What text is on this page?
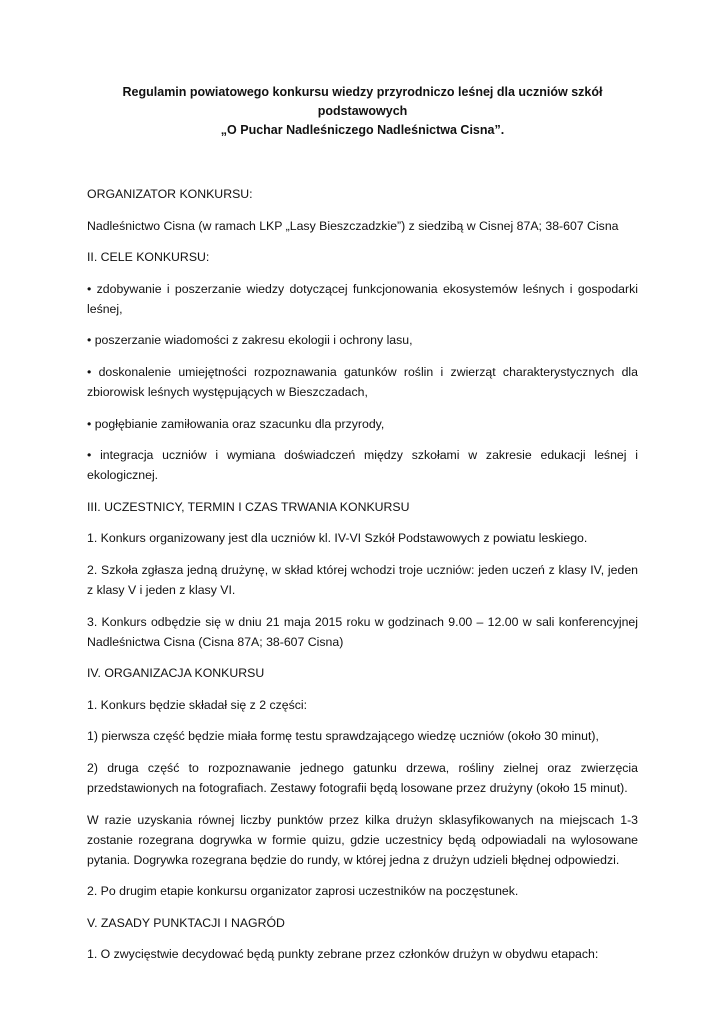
Regulamin powiatowego konkursu wiedzy przyrodniczo leśnej dla uczniów szkół podstawowych
„O Puchar Nadleśniczego Nadleśnictwa Cisna”.

ORGANIZATOR KONKURSU:

Nadleśnictwo Cisna (w ramach LKP „Lasy Bieszczadzkie”) z siedzibą w Cisnej 87A; 38-607 Cisna

II. CELE KONKURSU:

• zdobywanie i poszerzanie wiedzy dotyczącej funkcjonowania ekosystemów leśnych i gospodarki leśnej,

• poszerzanie wiadomości z zakresu ekologii i ochrony lasu,

• doskonalenie umiejętności rozpoznawania gatunków roślin i zwierząt charakterystycznych dla zbiorowisk leśnych występujących w Bieszczadach,

• pogłębianie zamiłowania oraz szacunku dla przyrody,

• integracja uczniów i wymiana doświadczeń między szkołami w zakresie edukacji leśnej i ekologicznej.

III. UCZESTNICY, TERMIN I CZAS TRWANIA KONKURSU

1. Konkurs organizowany jest dla uczniów kl. IV-VI Szkół Podstawowych z powiatu leskiego.

2. Szkoła zgłasza jedną drużynę, w skład której wchodzi troje uczniów: jeden uczeń z klasy IV, jeden z klasy V i jeden z klasy VI.

3. Konkurs odbędzie się w dniu 21 maja 2015 roku w godzinach 9.00 – 12.00 w sali konferencyjnej Nadleśnictwa Cisna (Cisna 87A; 38-607 Cisna)

IV. ORGANIZACJA KONKURSU

1. Konkurs będzie składał się z 2 części:

1) pierwsza część będzie miała formę testu sprawdzającego wiedzę uczniów (około 30 minut),

2) druga część to rozpoznawanie jednego gatunku drzewa, rośliny zielnej oraz zwierzęcia przedstawionych na fotografiach. Zestawy fotografii będą losowane przez drużyny (około 15 minut).

W razie uzyskania równej liczby punktów przez kilka drużyn sklasyfikowanych na miejscach 1-3 zostanie rozegrana dogrywka w formie quizu, gdzie uczestnicy będą odpowiadali na wylosowane pytania. Dogrywka rozegrana będzie do rundy, w której jedna z drużyn udzieli błędnej odpowiedzi.

2. Po drugim etapie konkursu organizator zaprosi uczestników na poczęstunek.

V. ZASADY PUNKTACJI I NAGRÓD

1. O zwycięstwie decydować będą punkty zebrane przez członków drużyn w obydwu etapach:
